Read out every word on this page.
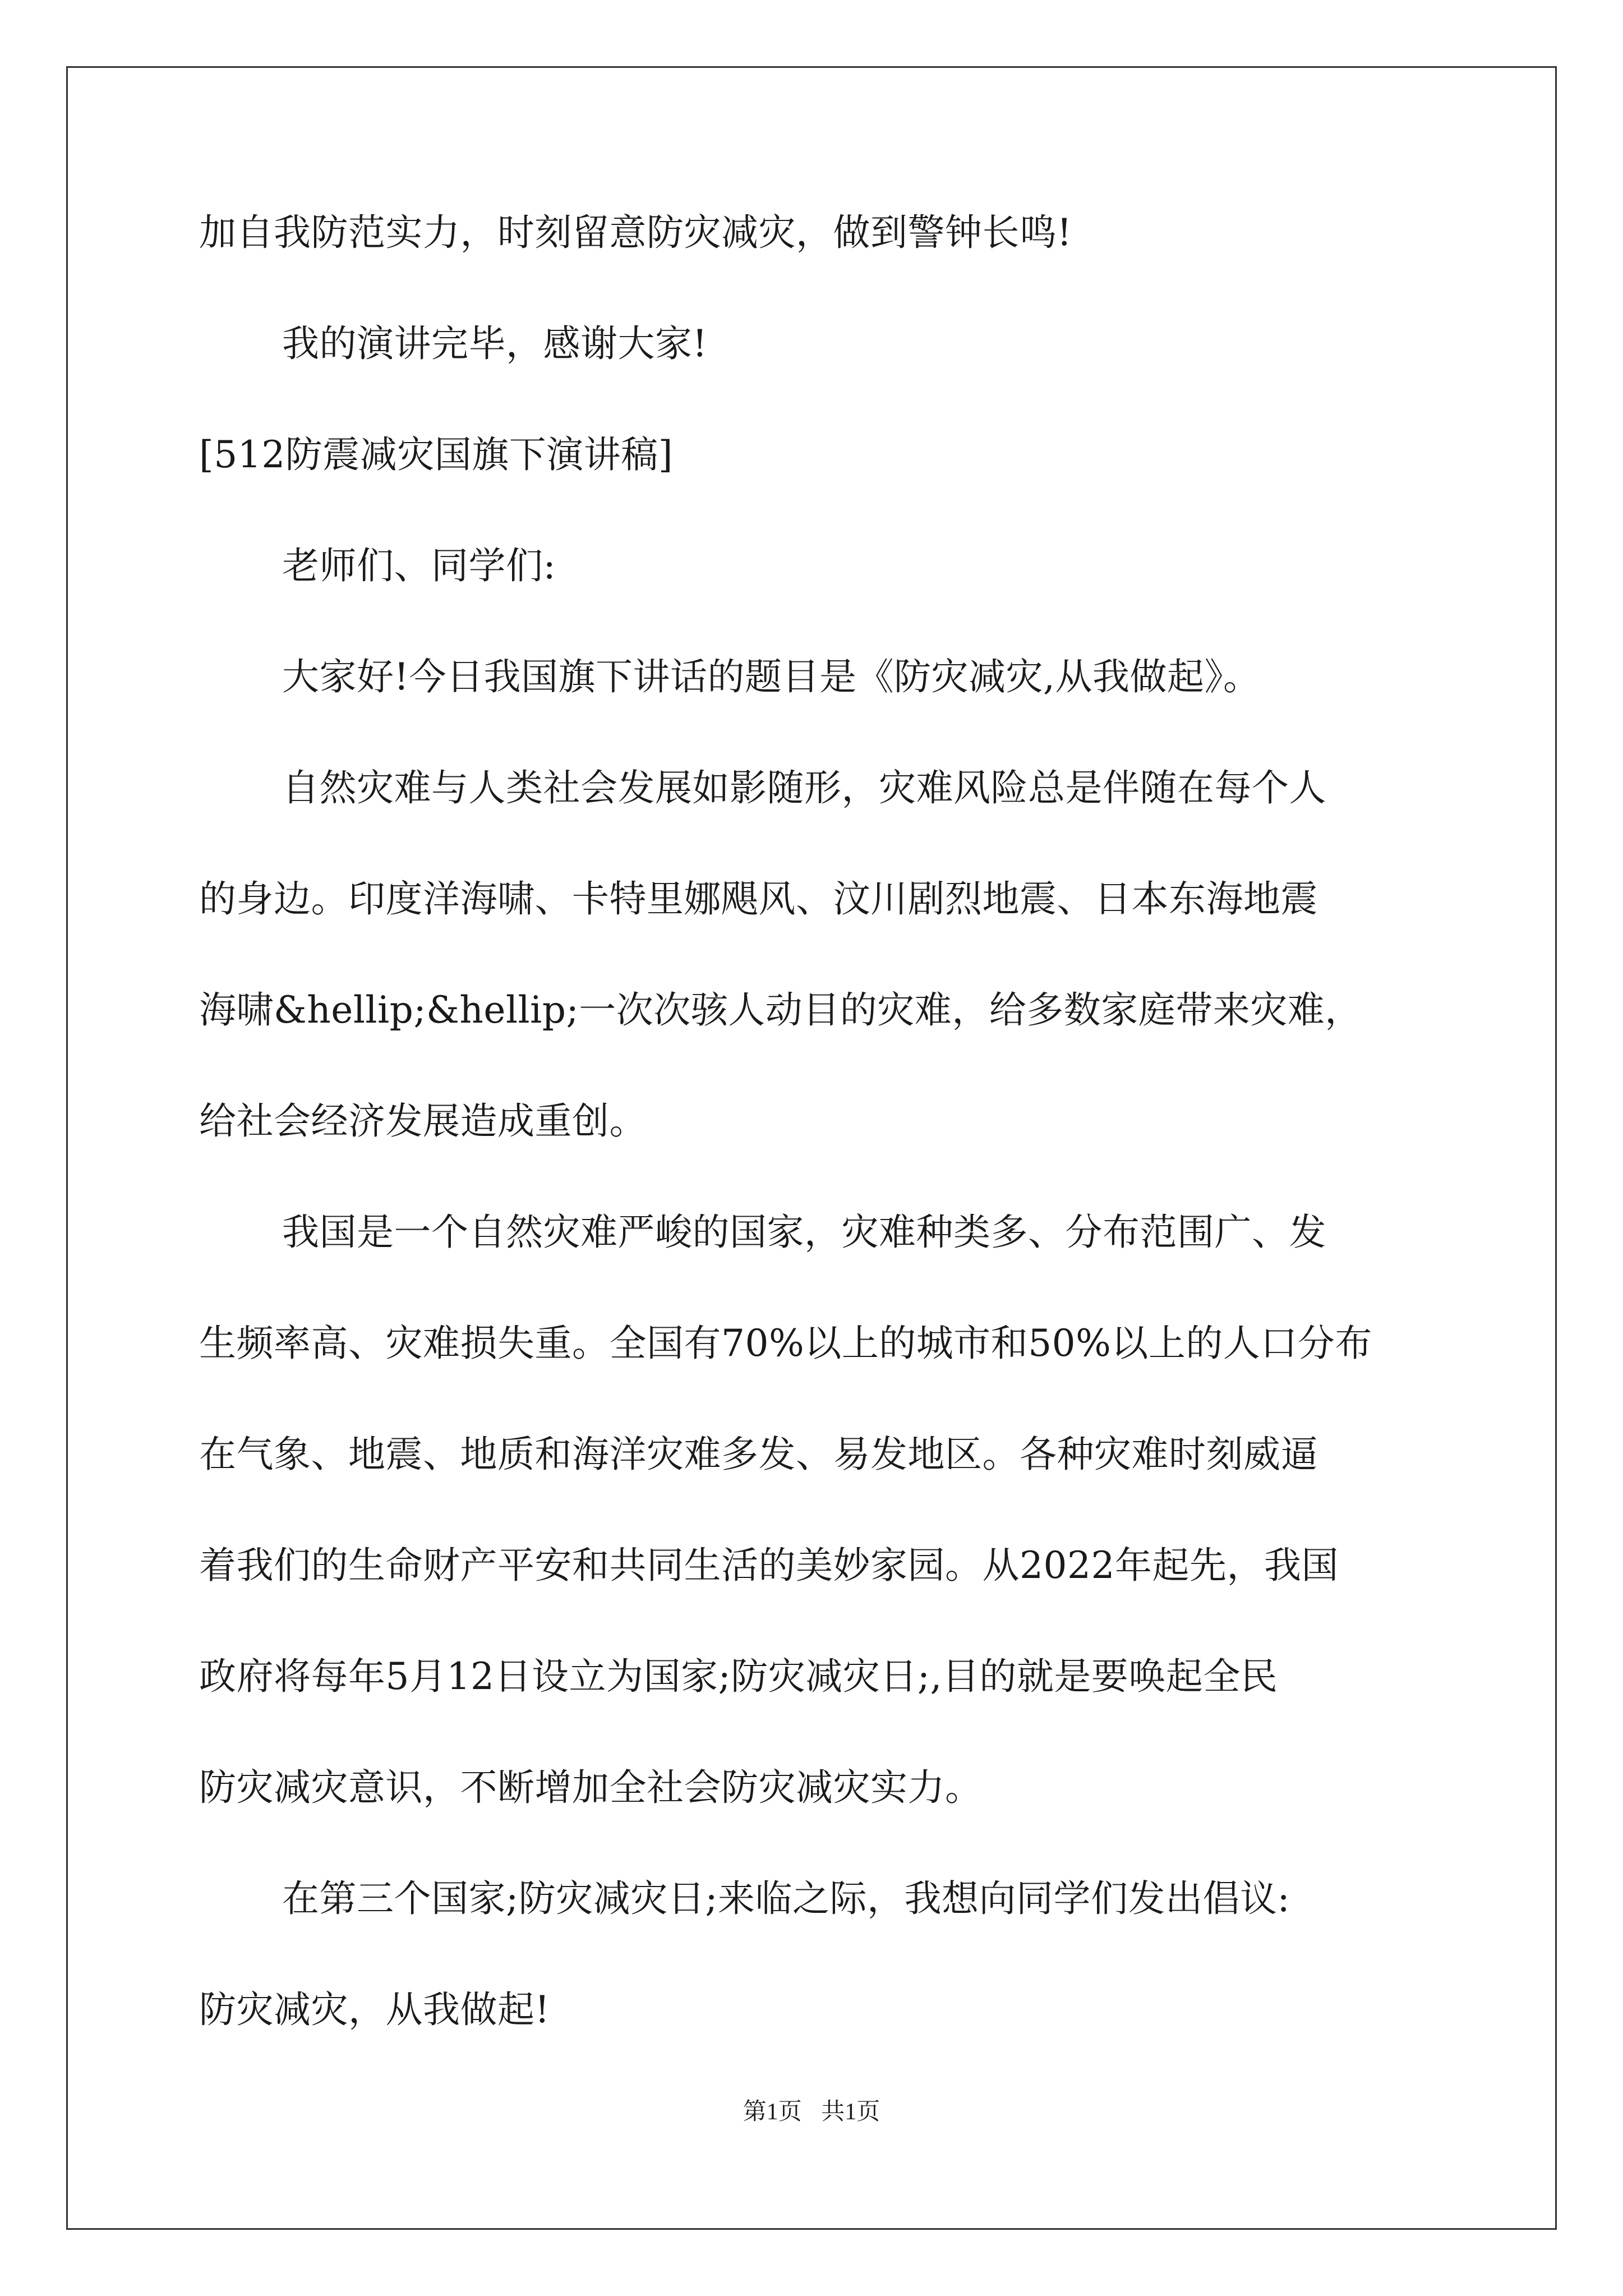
加自我防范实力，时刻留意防灾减灾，做到警钟长鸣!
我的演讲完毕，感谢大家!
[512防震减灾国旗下演讲稿]
老师们、同学们:
大家好!今日我国旗下讲话的题目是《防灾减灾,从我做起》。
自然灾难与人类社会发展如影随形，灾难风险总是伴随在每个人
的身边。印度洋海啸、卡特里娜飓风、汶川剧烈地震、日本东海地震
海啸&hellip;&hellip;一次次骇人动目的灾难，给多数家庭带来灾难，
给社会经济发展造成重创。
我国是一个自然灾难严峻的国家，灾难种类多、分布范围广、发
生频率高、灾难损失重。全国有70%以上的城市和50%以上的人口分布
在气象、地震、地质和海洋灾难多发、易发地区。各种灾难时刻威逼
着我们的生命财产平安和共同生活的美妙家园。从2022年起先，我国
政府将每年5月12日设立为国家;防灾减灾日;,目的就是要唤起全民
防灾减灾意识，不断增加全社会防灾减灾实力。
在第三个国家;防灾减灾日;来临之际，我想向同学们发出倡议:
防灾减灾，从我做起!
第1页 共1页
